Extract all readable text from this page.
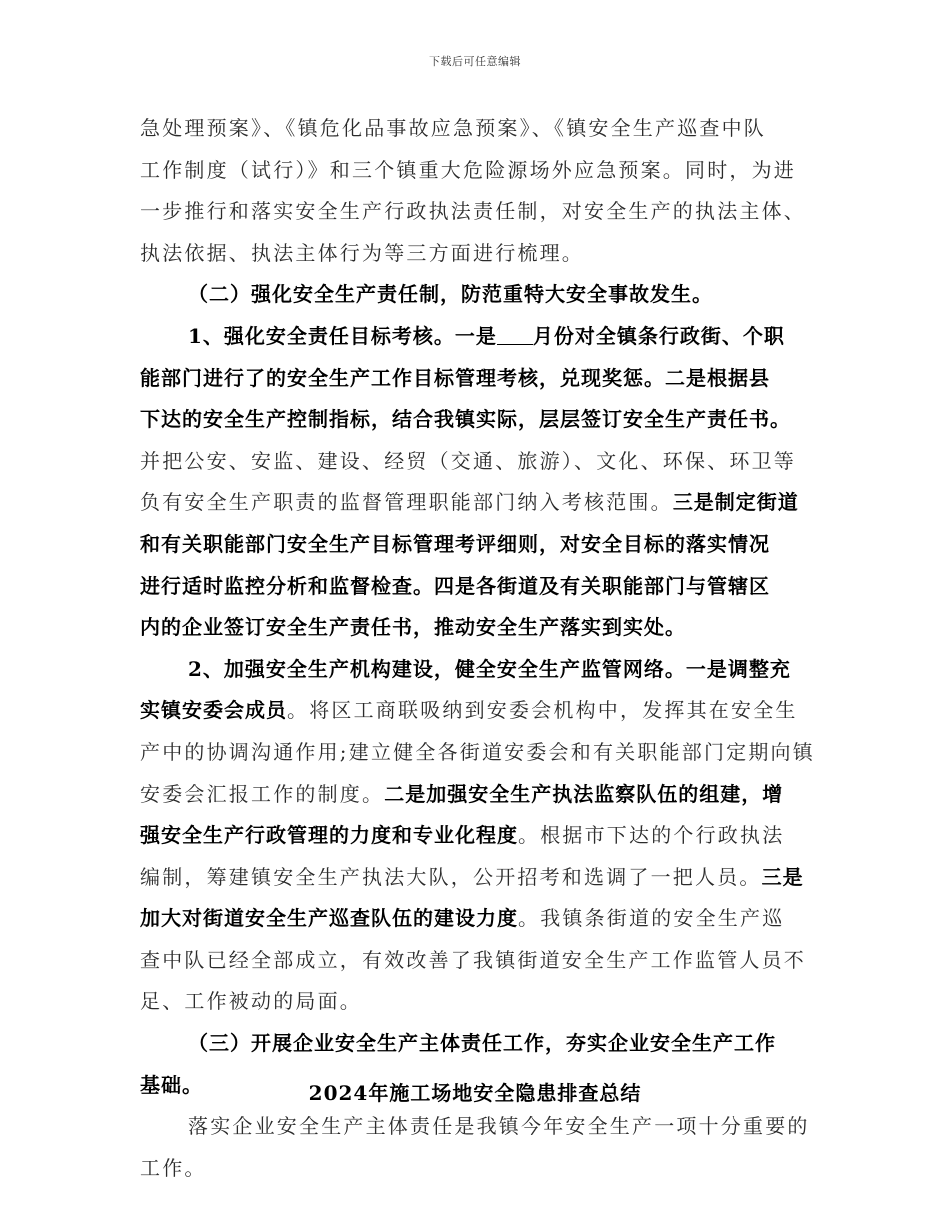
下载后可任意编辑
急处理预案》、《镇危化品事故应急预案》、《镇安全生产巡查中队
工作制度（试行）》和三个镇重大危险源场外应急预案。同时，为进
一步推行和落实安全生产行政执法责任制，对安全生产的执法主体、
执法依据、执法主体行为等三方面进行梳理。
（二）强化安全生产责任制，防范重特大安全事故发生。
1、强化安全责任目标考核。一是 月份对全镇条行政街、个职
能部门进行了的安全生产工作目标管理考核，兑现奖惩。二是根据县
下达的安全生产控制指标，结合我镇实际，层层签订安全生产责任书。
并把公安、安监、建设、经贸（交通、旅游）、文化、环保、环卫等
负有安全生产职责的监督管理职能部门纳入考核范围。三是制定街道
和有关职能部门安全生产目标管理考评细则，对安全目标的落实情况
进行适时监控分析和监督检查。四是各街道及有关职能部门与管辖区
内的企业签订安全生产责任书，推动安全生产落实到实处。
2、加强安全生产机构建设，健全安全生产监管网络。一是调整充
实镇安委会成员。将区工商联吸纳到安委会机构中，发挥其在安全生
产中的协调沟通作用;建立健全各街道安委会和有关职能部门定期向镇
安委会汇报工作的制度。二是加强安全生产执法监察队伍的组建，增
强安全生产行政管理的力度和专业化程度。根据市下达的个行政执法
编制，筹建镇安全生产执法大队，公开招考和选调了一把人员。三是
加大对街道安全生产巡查队伍的建设力度。我镇条街道的安全生产巡
查中队已经全部成立，有效改善了我镇街道安全生产工作监管人员不
足、工作被动的局面。
（三）开展企业安全生产主体责任工作，夯实企业安全生产工作
基础。
落实企业安全生产主体责任是我镇今年安全生产一项十分重要的
工作。
2024年施工场地安全隐患排查总结
